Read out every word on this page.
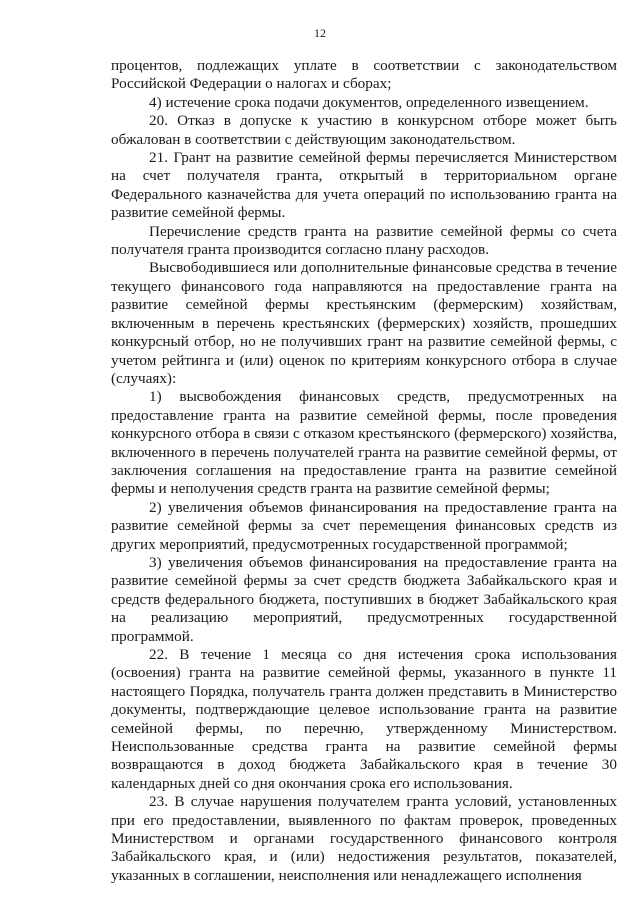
12

процентов, подлежащих уплате в соответствии с законодательством Российской Федерации о налогах и сборах;

4) истечение срока подачи документов, определенного извещением.

20. Отказ в допуске к участию в конкурсном отборе может быть обжалован в соответствии с действующим законодательством.

21. Грант на развитие семейной фермы перечисляется Министерством на счет получателя гранта, открытый в территориальном органе Федерального казначейства для учета операций по использованию гранта на развитие семейной фермы.

Перечисление средств гранта на развитие семейной фермы со счета получателя гранта производится согласно плану расходов.

Высвободившиеся или дополнительные финансовые средства в течение текущего финансового года направляются на предоставление гранта на развитие семейной фермы крестьянским (фермерским) хозяйствам, включенным в перечень крестьянских (фермерских) хозяйств, прошедших конкурсный отбор, но не получивших грант на развитие семейной фермы, с учетом рейтинга и (или) оценок по критериям конкурсного отбора в случае (случаях):

1) высвобождения финансовых средств, предусмотренных на предоставление гранта на развитие семейной фермы, после проведения конкурсного отбора в связи с отказом крестьянского (фермерского) хозяйства, включенного в перечень получателей гранта на развитие семейной фермы, от заключения соглашения на предоставление гранта на развитие семейной фермы и неполучения средств гранта на развитие семейной фермы;

2) увеличения объемов финансирования на предоставление гранта на развитие семейной фермы за счет перемещения финансовых средств из других мероприятий, предусмотренных государственной программой;

3) увеличения объемов финансирования на предоставление гранта на развитие семейной фермы за счет средств бюджета Забайкальского края и средств федерального бюджета, поступивших в бюджет Забайкальского края на реализацию мероприятий, предусмотренных государственной программой.

22. В течение 1 месяца со дня истечения срока использования (освоения) гранта на развитие семейной фермы, указанного в пункте 11 настоящего Порядка, получатель гранта должен представить в Министерство документы, подтверждающие целевое использование гранта на развитие семейной фермы, по перечню, утвержденному Министерством. Неиспользованные средства гранта на развитие семейной фермы возвращаются в доход бюджета Забайкальского края в течение 30 календарных дней со дня окончания срока его использования.

23. В случае нарушения получателем гранта условий, установленных при его предоставлении, выявленного по фактам проверок, проведенных Министерством и органами государственного финансового контроля Забайкальского края, и (или) недостижения результатов, показателей, указанных в соглашении, неисполнения или ненадлежащего исполнения
